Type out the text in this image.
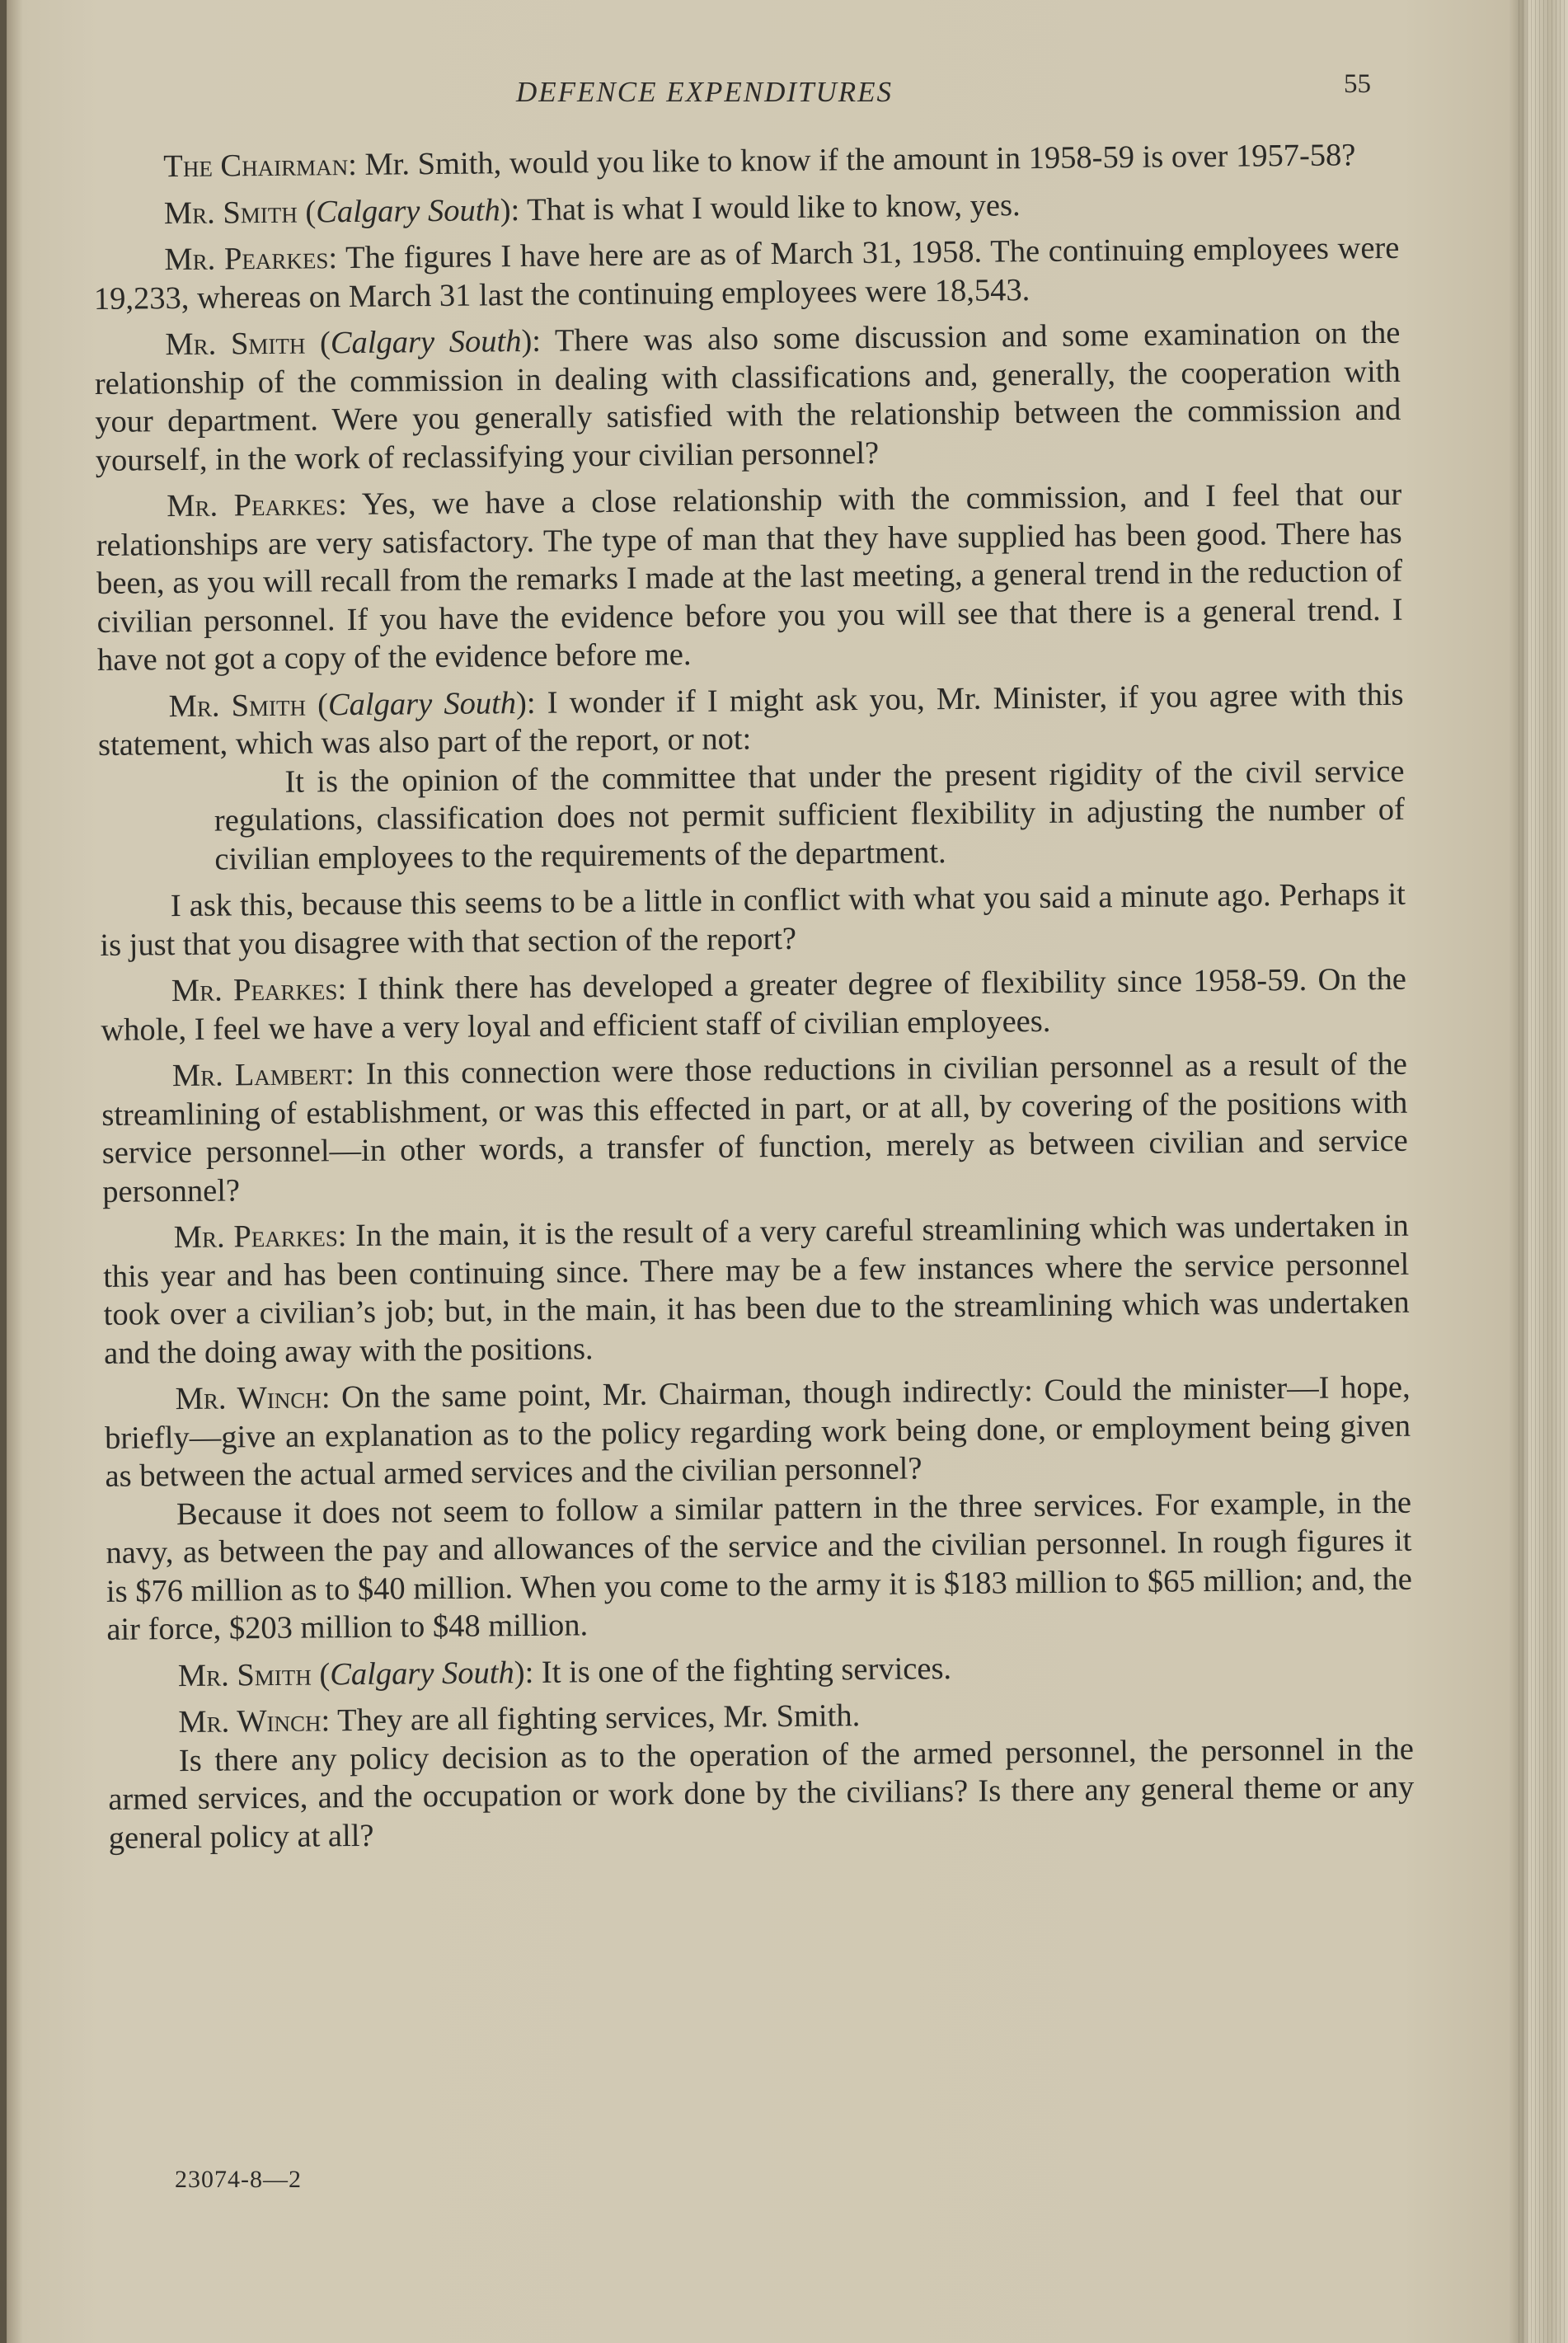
DEFENCE EXPENDITURES	55

The Chairman: Mr. Smith, would you like to know if the amount in 1958-59 is over 1957-58?

Mr. Smith (Calgary South): That is what I would like to know, yes.

Mr. Pearkes: The figures I have here are as of March 31, 1958. The continuing employees were 19,233, whereas on March 31 last the continuing employees were 18,543.

Mr. Smith (Calgary South): There was also some discussion and some examination on the relationship of the commission in dealing with classifications and, generally, the cooperation with your department. Were you generally satisfied with the relationship between the commission and yourself, in the work of reclassifying your civilian personnel?

Mr. Pearkes: Yes, we have a close relationship with the commission, and I feel that our relationships are very satisfactory. The type of man that they have supplied has been good. There has been, as you will recall from the remarks I made at the last meeting, a general trend in the reduction of civilian personnel. If you have the evidence before you you will see that there is a general trend. I have not got a copy of the evidence before me.

Mr. Smith (Calgary South): I wonder if I might ask you, Mr. Minister, if you agree with this statement, which was also part of the report, or not:

It is the opinion of the committee that under the present rigidity of the civil service regulations, classification does not permit sufficient flexibility in adjusting the number of civilian employees to the requirements of the department.

I ask this, because this seems to be a little in conflict with what you said a minute ago. Perhaps it is just that you disagree with that section of the report?

Mr. Pearkes: I think there has developed a greater degree of flexibility since 1958-59. On the whole, I feel we have a very loyal and efficient staff of civilian employees.

Mr. Lambert: In this connection were those reductions in civilian personnel as a result of the streamlining of establishment, or was this effected in part, or at all, by covering of the positions with service personnel—in other words, a transfer of function, merely as between civilian and service personnel?

Mr. Pearkes: In the main, it is the result of a very careful streamlining which was undertaken in this year and has been continuing since. There may be a few instances where the service personnel took over a civilian’s job; but, in the main, it has been due to the streamlining which was undertaken and the doing away with the positions.

Mr. Winch: On the same point, Mr. Chairman, though indirectly: Could the minister—I hope, briefly—give an explanation as to the policy regarding work being done, or employment being given as between the actual armed services and the civilian personnel?

Because it does not seem to follow a similar pattern in the three services. For example, in the navy, as between the pay and allowances of the service and the civilian personnel. In rough figures it is $76 million as to $40 million. When you come to the army it is $183 million to $65 million; and, the air force, $203 million to $48 million.

Mr. Smith (Calgary South): It is one of the fighting services.

Mr. Winch: They are all fighting services, Mr. Smith.

Is there any policy decision as to the operation of the armed personnel, the personnel in the armed services, and the occupation or work done by the civilians? Is there any general theme or any general policy at all?

23074-8—2
